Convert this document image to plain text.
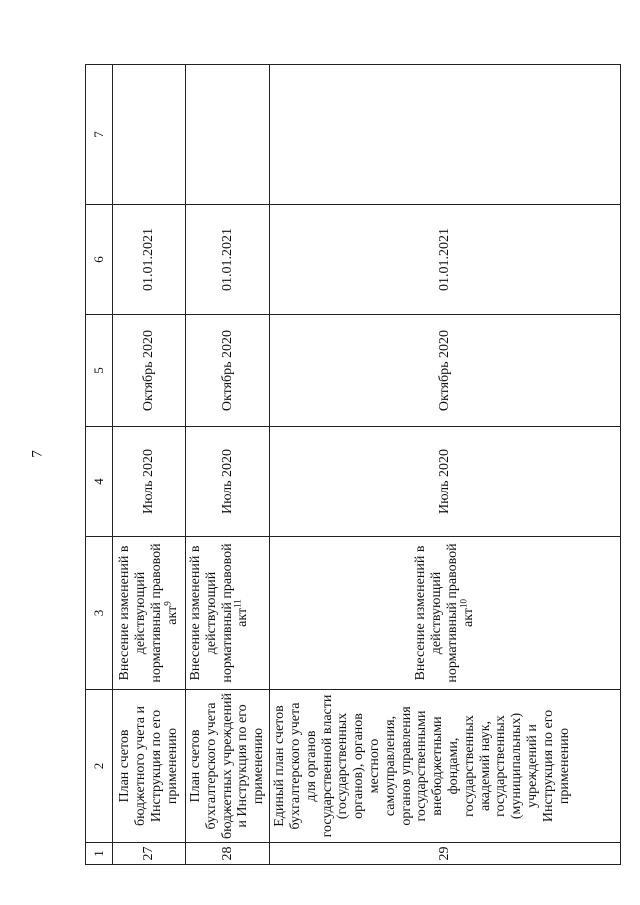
7
1	2	3	4	5	6	7
27	План счетов бюджетного учета и Инструкция по его применению	Внесение изменений в действующий нормативный правовой акт$^9$	Июль 2020	Октябрь 2020	01.01.2021	
28	План счетов бухгалтерского учета бюджетных учреждений и Инструкция по его применению	Внесение изменений в действующий нормативный правовой акт$^{11}$	Июль 2020	Октябрь 2020	01.01.2021	
29	Единый план счетов бухгалтерского учета для органов государственной власти (государственных органов), органов местного самоуправления, органов управления государственными внебюджетными фондами, государственных академий наук, государственных (муниципальных) учреждений и Инструкция по его применению	Внесение изменений в действующий нормативный правовой акт$^{10}$	Июль 2020	Октябрь 2020	01.01.2021	
